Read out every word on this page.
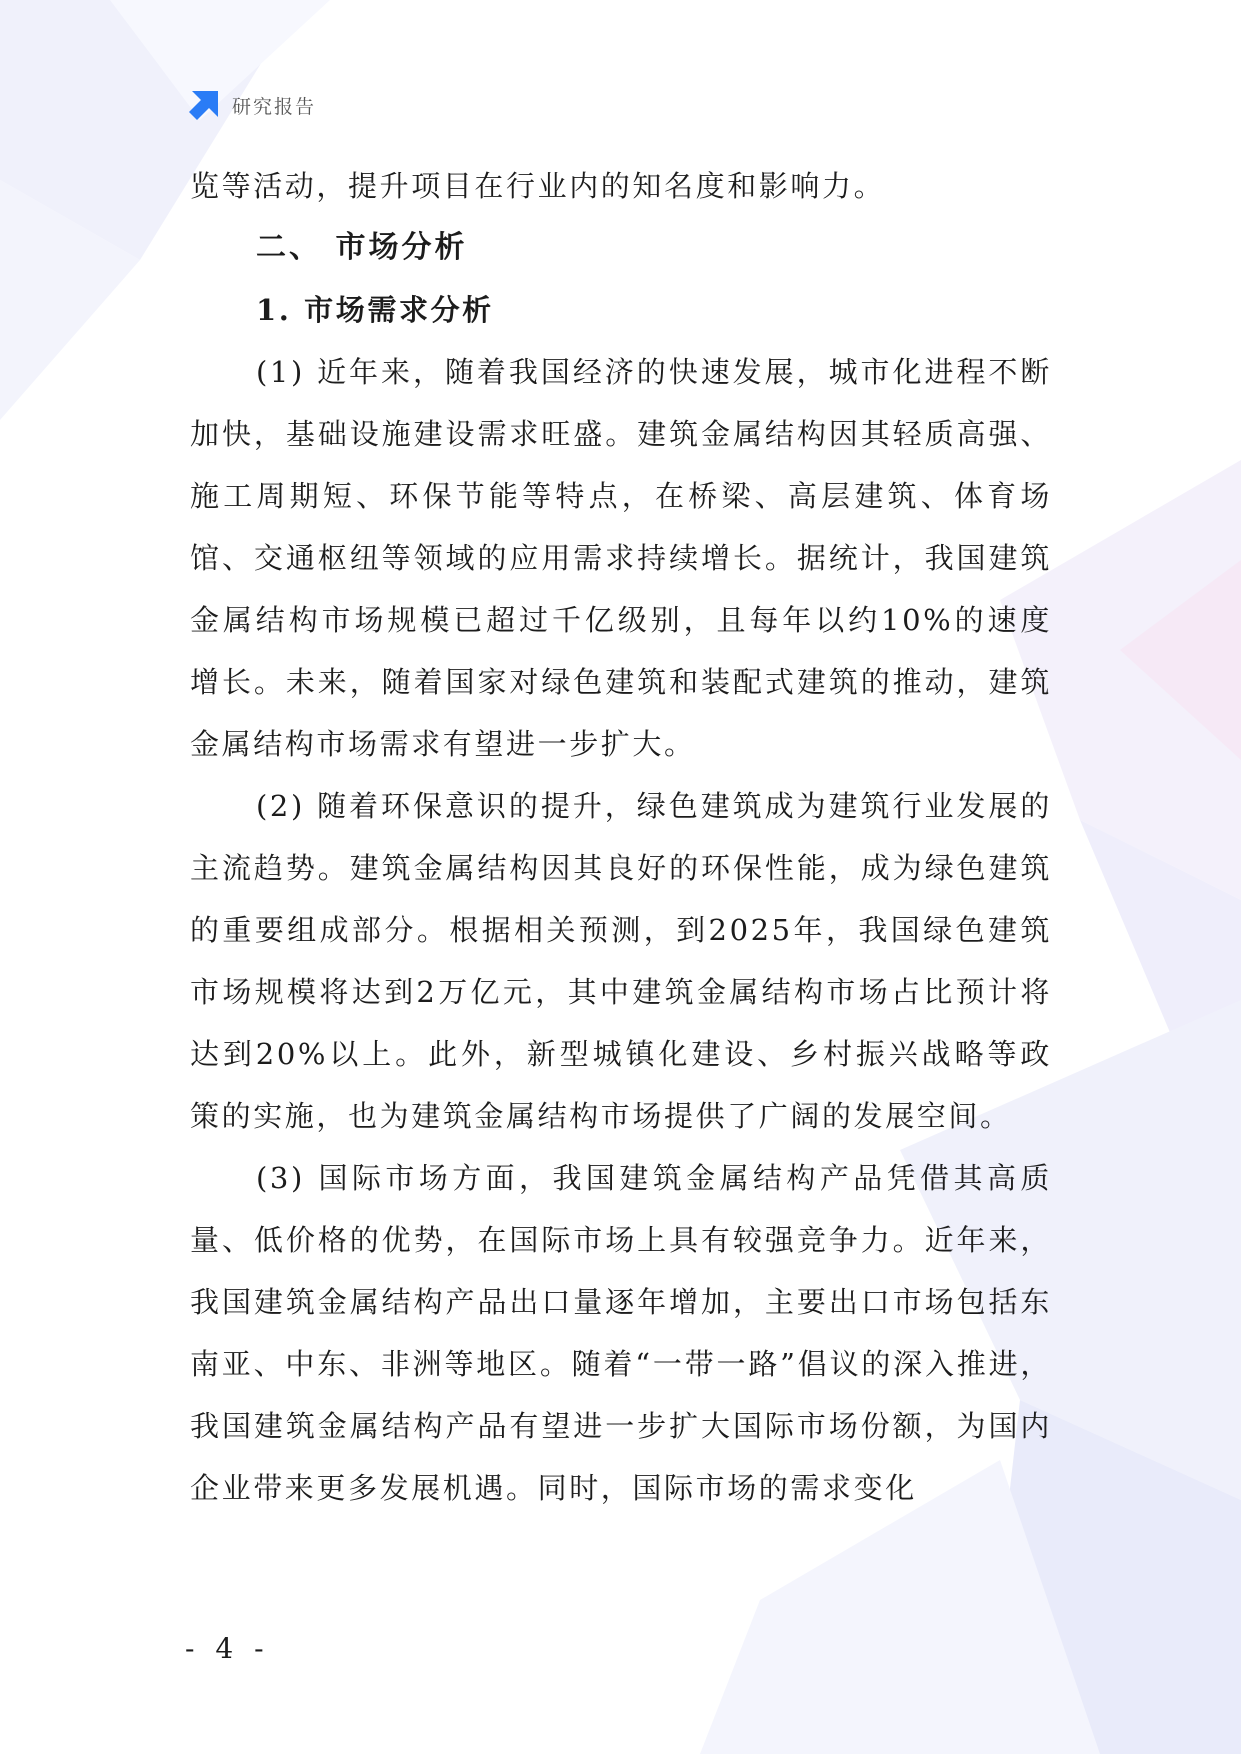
研究报告

览等活动，提升项目在行业内的知名度和影响力。

二、 市场分析
1. 市场需求分析

(1) 近年来，随着我国经济的快速发展，城市化进程不断加快，基础设施建设需求旺盛。建筑金属结构因其轻质高强、施工周期短、环保节能等特点，在桥梁、高层建筑、体育场馆、交通枢纽等领域的应用需求持续增长。据统计，我国建筑金属结构市场规模已超过千亿级别，且每年以约10%的速度增长。未来，随着国家对绿色建筑和装配式建筑的推动，建筑金属结构市场需求有望进一步扩大。

(2) 随着环保意识的提升，绿色建筑成为建筑行业发展的主流趋势。建筑金属结构因其良好的环保性能，成为绿色建筑的重要组成部分。根据相关预测，到2025年，我国绿色建筑市场规模将达到2万亿元，其中建筑金属结构市场占比预计将达到20%以上。此外，新型城镇化建设、乡村振兴战略等政策的实施，也为建筑金属结构市场提供了广阔的发展空间。

(3) 国际市场方面，我国建筑金属结构产品凭借其高质量、低价格的优势，在国际市场上具有较强竞争力。近年来，我国建筑金属结构产品出口量逐年增加，主要出口市场包括东南亚、中东、非洲等地区。随着“一带一路”倡议的深入推进，我国建筑金属结构产品有望进一步扩大国际市场份额，为国内企业带来更多发展机遇。同时，国际市场的需求变化

- 4 -
